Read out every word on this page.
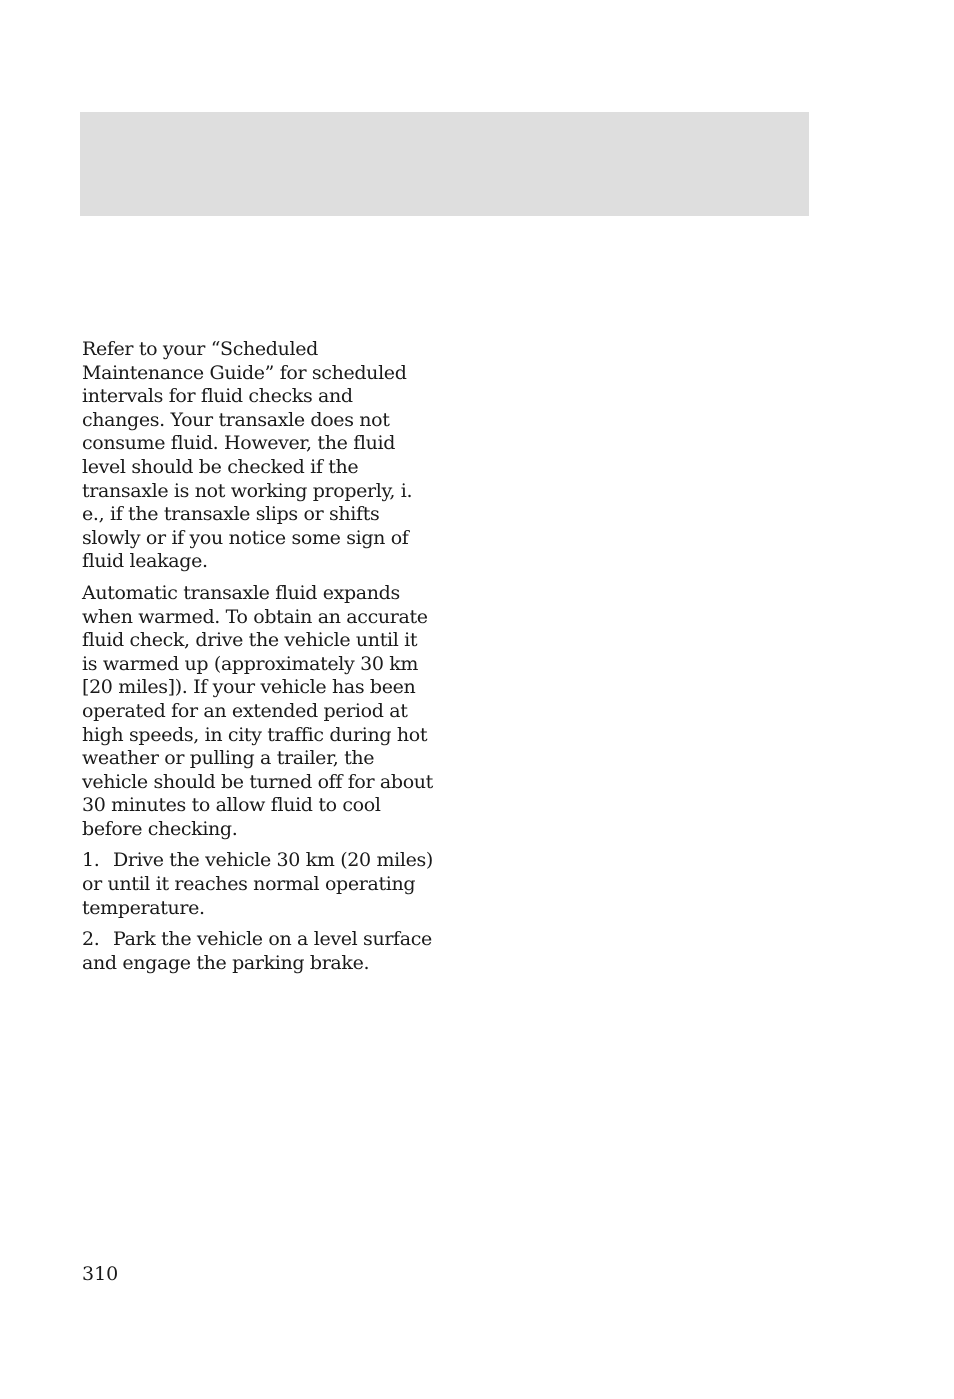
Refer to your “Scheduled Maintenance Guide” for scheduled intervals for fluid checks and changes. Your transaxle does not consume fluid. However, the fluid level should be checked if the transaxle is not working properly, i. e., if the transaxle slips or shifts slowly or if you notice some sign of fluid leakage.

Automatic transaxle fluid expands when warmed. To obtain an accurate fluid check, drive the vehicle until it is warmed up (approximately 30 km [20 miles]). If your vehicle has been operated for an extended period at high speeds, in city traffic during hot weather or pulling a trailer, the vehicle should be turned off for about 30 minutes to allow fluid to cool before checking.

1. Drive the vehicle 30 km (20 miles) or until it reaches normal operating temperature.

2. Park the vehicle on a level surface and engage the parking brake.

310
